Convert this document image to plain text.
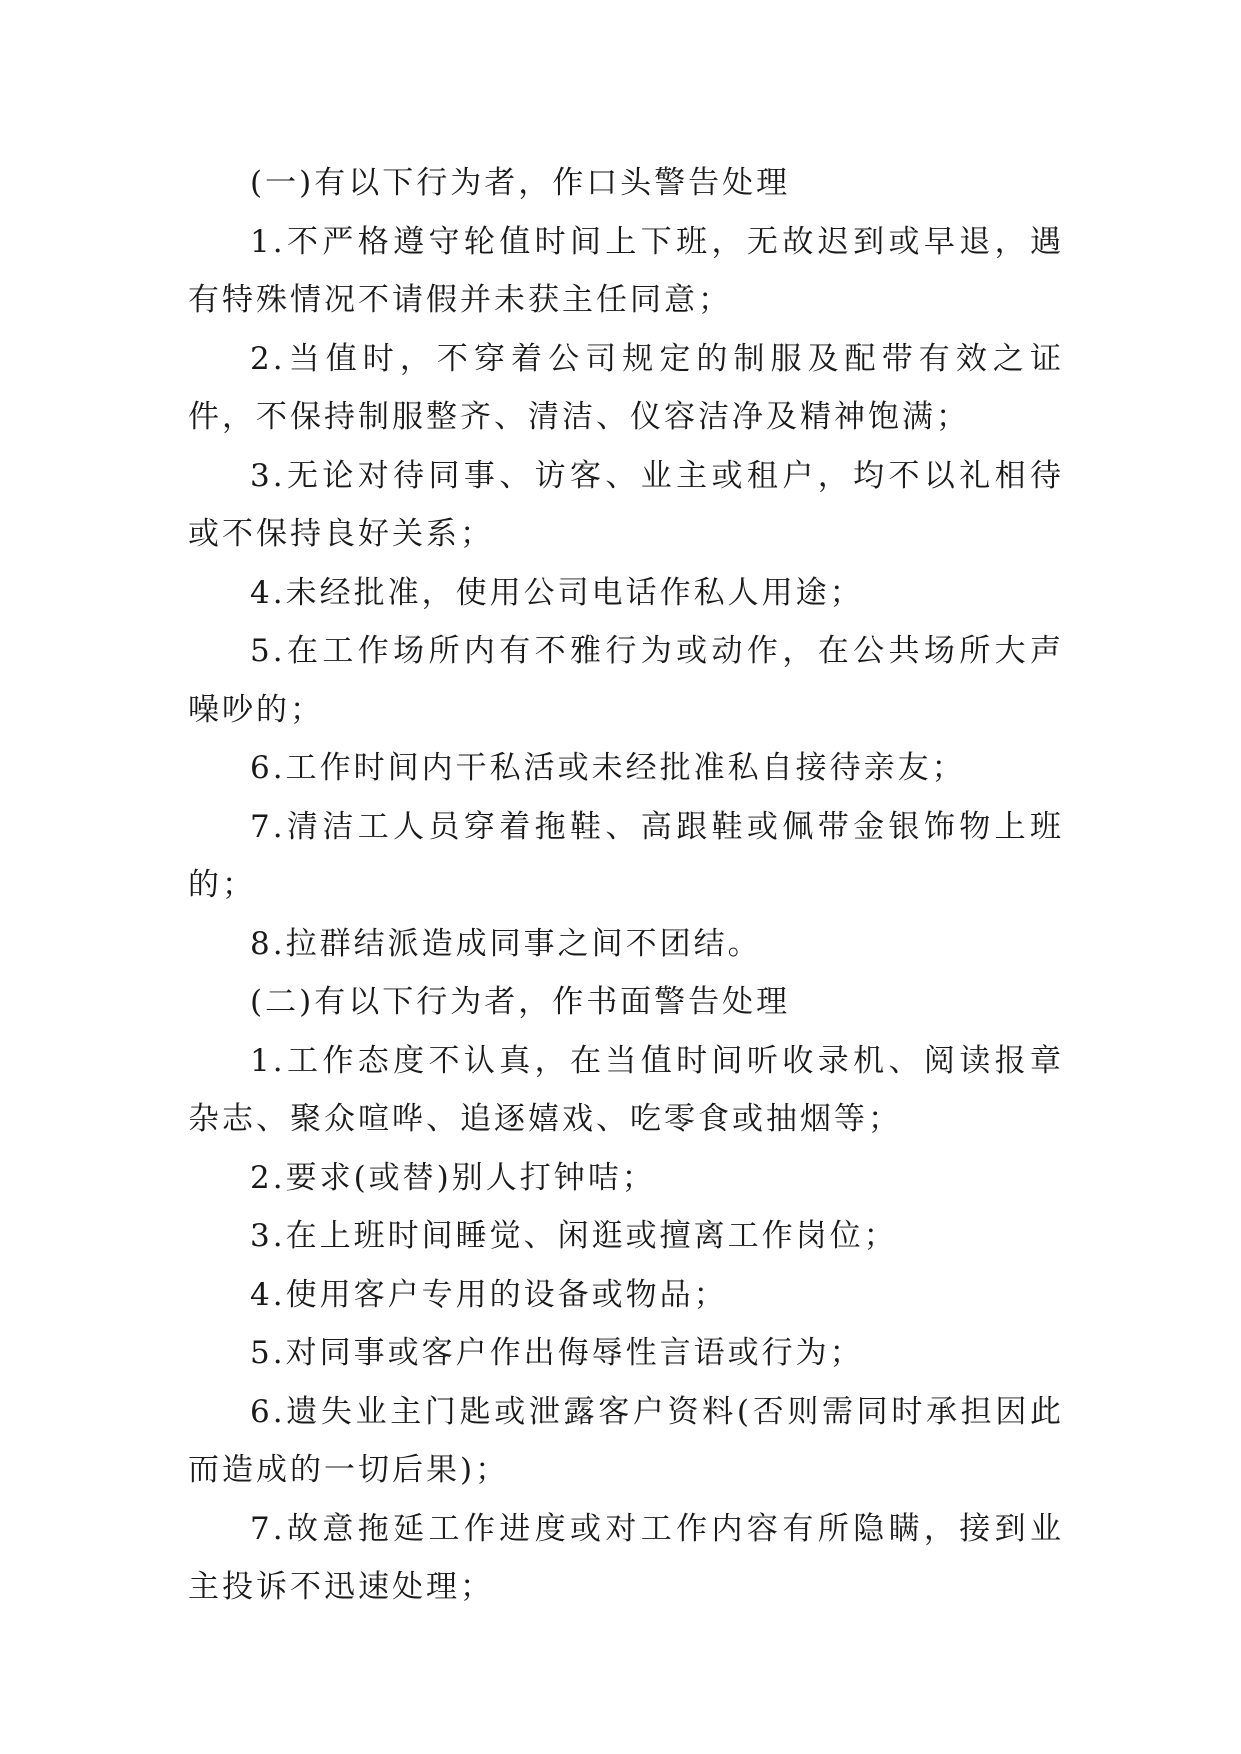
(一)有以下行为者，作口头警告处理

1.不严格遵守轮值时间上下班，无故迟到或早退，遇有特殊情况不请假并未获主任同意；

2.当值时，不穿着公司规定的制服及配带有效之证件，不保持制服整齐、清洁、仪容洁净及精神饱满；

3.无论对待同事、访客、业主或租户，均不以礼相待或不保持良好关系；

4.未经批准，使用公司电话作私人用途；

5.在工作场所内有不雅行为或动作，在公共场所大声噪吵的；

6.工作时间内干私活或未经批准私自接待亲友；

7.清洁工人员穿着拖鞋、高跟鞋或佩带金银饰物上班的；

8.拉群结派造成同事之间不团结。

(二)有以下行为者，作书面警告处理

1.工作态度不认真，在当值时间听收录机、阅读报章杂志、聚众喧哗、追逐嬉戏、吃零食或抽烟等；

2.要求(或替)别人打钟咭；

3.在上班时间睡觉、闲逛或擅离工作岗位；

4.使用客户专用的设备或物品；

5.对同事或客户作出侮辱性言语或行为；

6.遗失业主门匙或泄露客户资料(否则需同时承担因此而造成的一切后果)；

7.故意拖延工作进度或对工作内容有所隐瞒，接到业主投诉不迅速处理；
